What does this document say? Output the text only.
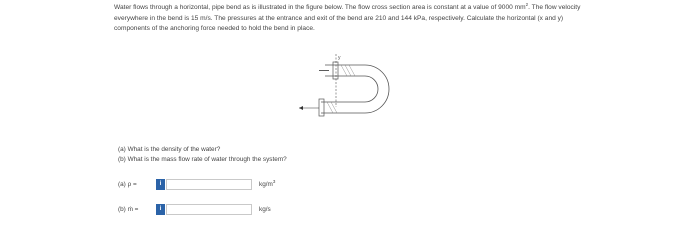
Water flows through a horizontal, pipe bend as is illustrated in the figure below. The flow cross section area is constant at a value of 9000 $mm^2$. The flow velocity everywhere in the bend is 15 m/s. The pressures at the entrance and exit of the bend are 210 and 144 kPa, respectively. Calculate the horizontal (x and y) components of the anchoring force needed to hold the bend in place.
y
(a) What is the density of the water?
(b) What is the mass flow rate of water through the system?
(a) ρ =	i	$kg/m^3$
(b) ṁ =	i	kg/s
